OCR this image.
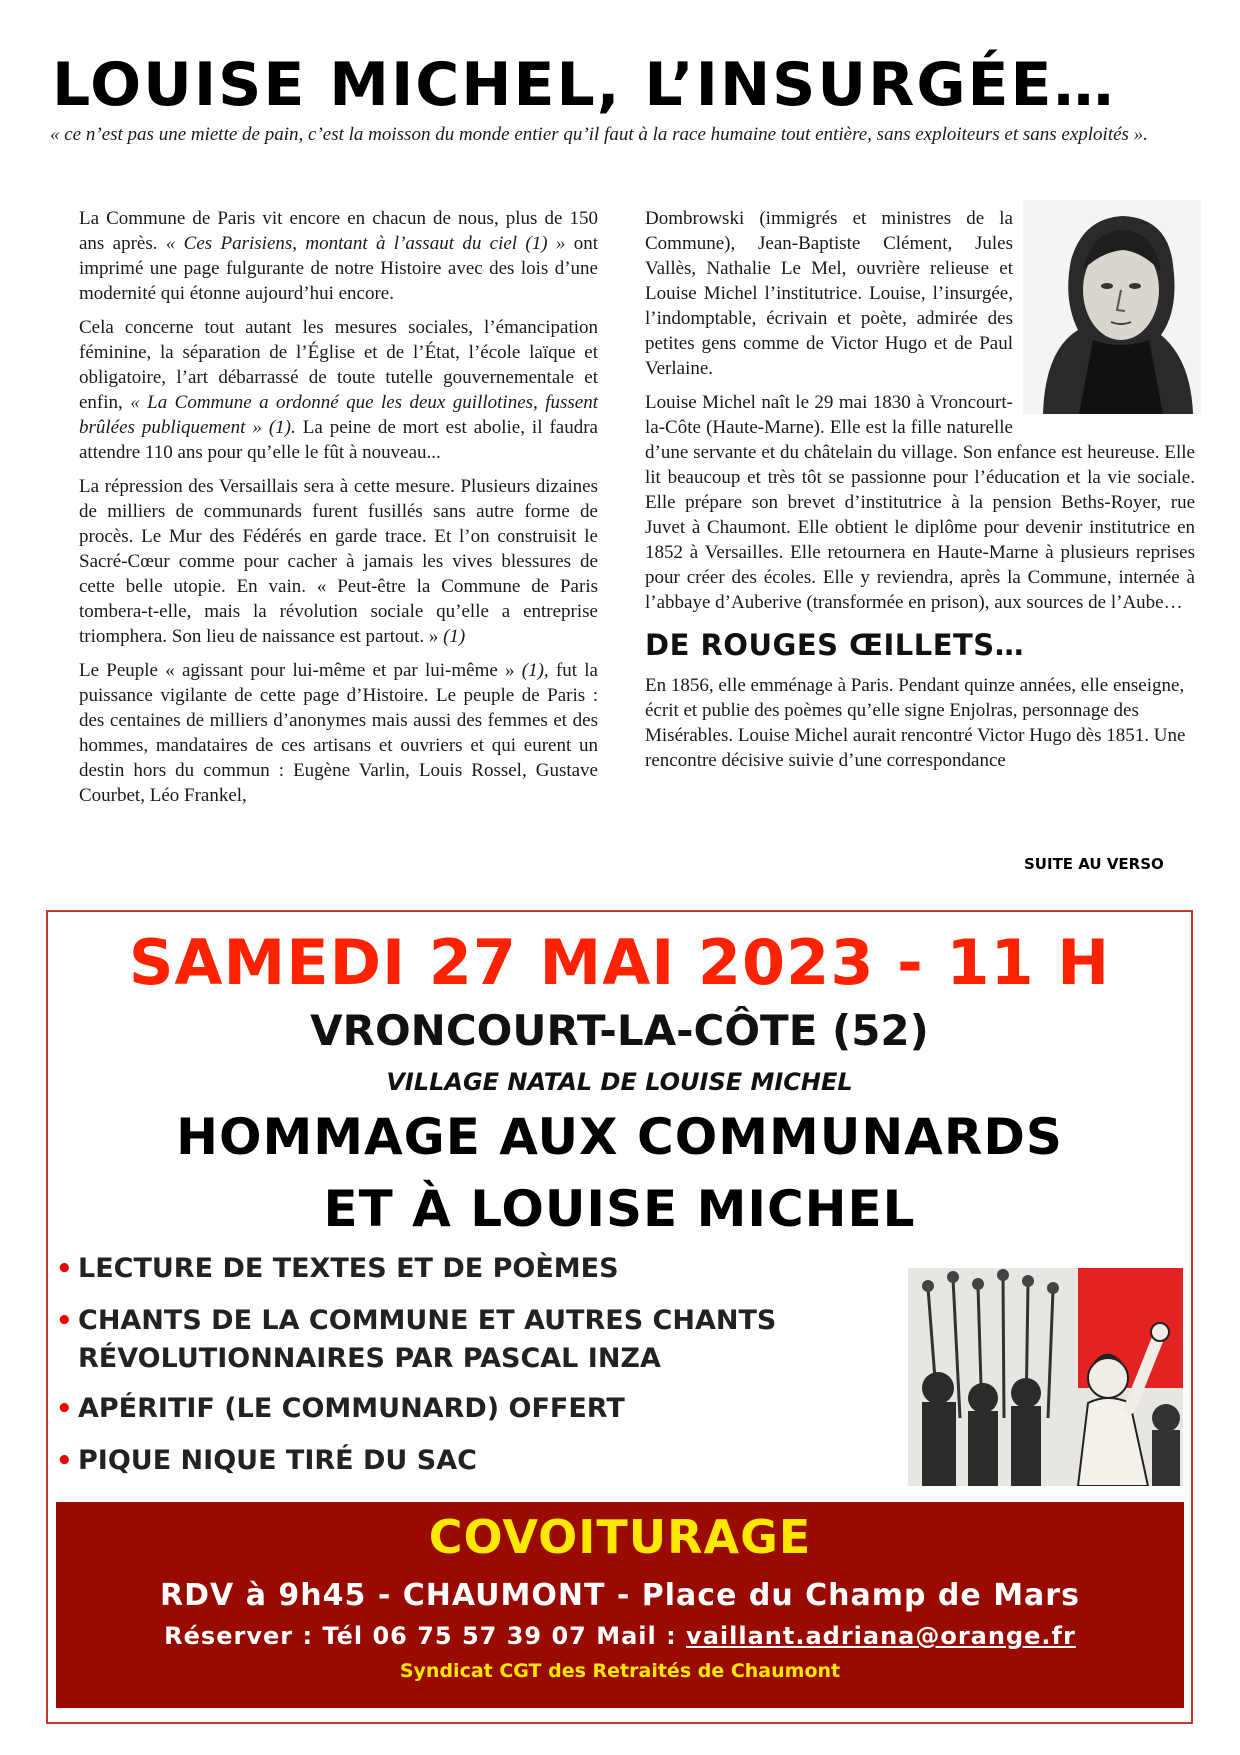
LOUISE MICHEL, L’INSURGÉE…

« ce n’est pas une miette de pain, c’est la moisson du monde entier qu’il faut à la race humaine tout entière, sans exploiteurs et sans exploités ».

La Commune de Paris vit encore en chacun de nous, plus de 150 ans après. « Ces Parisiens, montant à l’assaut du ciel (1) » ont imprimé une page fulgurante de notre Histoire avec des lois d’une modernité qui étonne aujourd’hui encore.

Cela concerne tout autant les mesures sociales, l’émancipation féminine, la séparation de l’Église et de l’État, l’école laïque et obligatoire, l’art débarrassé de toute tutelle gouvernementale et enfin, « La Commune a ordonné que les deux guillotines, fussent brûlées publiquement » (1). La peine de mort est abolie, il faudra attendre 110 ans pour qu’elle le fût à nouveau...

La répression des Versaillais sera à cette mesure. Plusieurs dizaines de milliers de communards furent fusillés sans autre forme de procès. Le Mur des Fédérés en garde trace. Et l’on construisit le Sacré-Cœur comme pour cacher à jamais les vives blessures de cette belle utopie. En vain. « Peut-être la Commune de Paris tombera-t-elle, mais la révolution sociale qu’elle a entreprise triomphera. Son lieu de naissance est partout. » (1)

Le Peuple « agissant pour lui-même et par lui-même » (1), fut la puissance vigilante de cette page d’Histoire. Le peuple de Paris : des centaines de milliers d’anonymes mais aussi des femmes et des hommes, mandataires de ces artisans et ouvriers et qui eurent un destin hors du commun : Eugène Varlin, Louis Rossel, Gustave Courbet, Léo Frankel,

Dombrowski (immigrés et ministres de la Commune), Jean-Baptiste Clément, Jules Vallès, Nathalie Le Mel, ouvrière relieuse et Louise Michel l’institutrice. Louise, l’insurgée, l’indomptable, écrivain et poète, admirée des petites gens comme de Victor Hugo et de Paul Verlaine.

Louise Michel naît le 29 mai 1830 à Vroncourt-la-Côte (Haute-Marne). Elle est la fille naturelle d’une servante et du châtelain du village. Son enfance est heureuse. Elle lit beaucoup et très tôt se passionne pour l’éducation et la vie sociale. Elle prépare son brevet d’institutrice à la pension Beths-Royer, rue Juvet à Chaumont. Elle obtient le diplôme pour devenir institutrice en 1852 à Versailles. Elle retournera en Haute-Marne à plusieurs reprises pour créer des écoles. Elle y reviendra, après la Commune, internée à l’abbaye d’Auberive (transformée en prison), aux sources de l’Aube…

DE ROUGES ŒILLETS…

En 1856, elle emménage à Paris. Pendant quinze années, elle enseigne, écrit et publie des poèmes qu’elle signe Enjolras, personnage des Misérables. Louise Michel aurait rencontré Victor Hugo dès 1851. Une rencontre décisive suivie d’une correspondance

SUITE AU VERSO

SAMEDI 27 MAI 2023 - 11 H

VRONCOURT-LA-CÔTE (52)

VILLAGE NATAL DE LOUISE MICHEL

HOMMAGE AUX COMMUNARDS

ET À LOUISE MICHEL

• LECTURE DE TEXTES ET DE POÈMES
• CHANTS DE LA COMMUNE ET AUTRES CHANTS
RÉVOLUTIONNAIRES PAR PASCAL INZA
• APÉRITIF (LE COMMUNARD) OFFERT
• PIQUE NIQUE TIRÉ DU SAC

COVOITURAGE

RDV à 9h45 - CHAUMONT - Place du Champ de Mars

Réserver : Tél 06 75 57 39 07 Mail : vaillant.adriana@orange.fr

Syndicat CGT des Retraités de Chaumont
